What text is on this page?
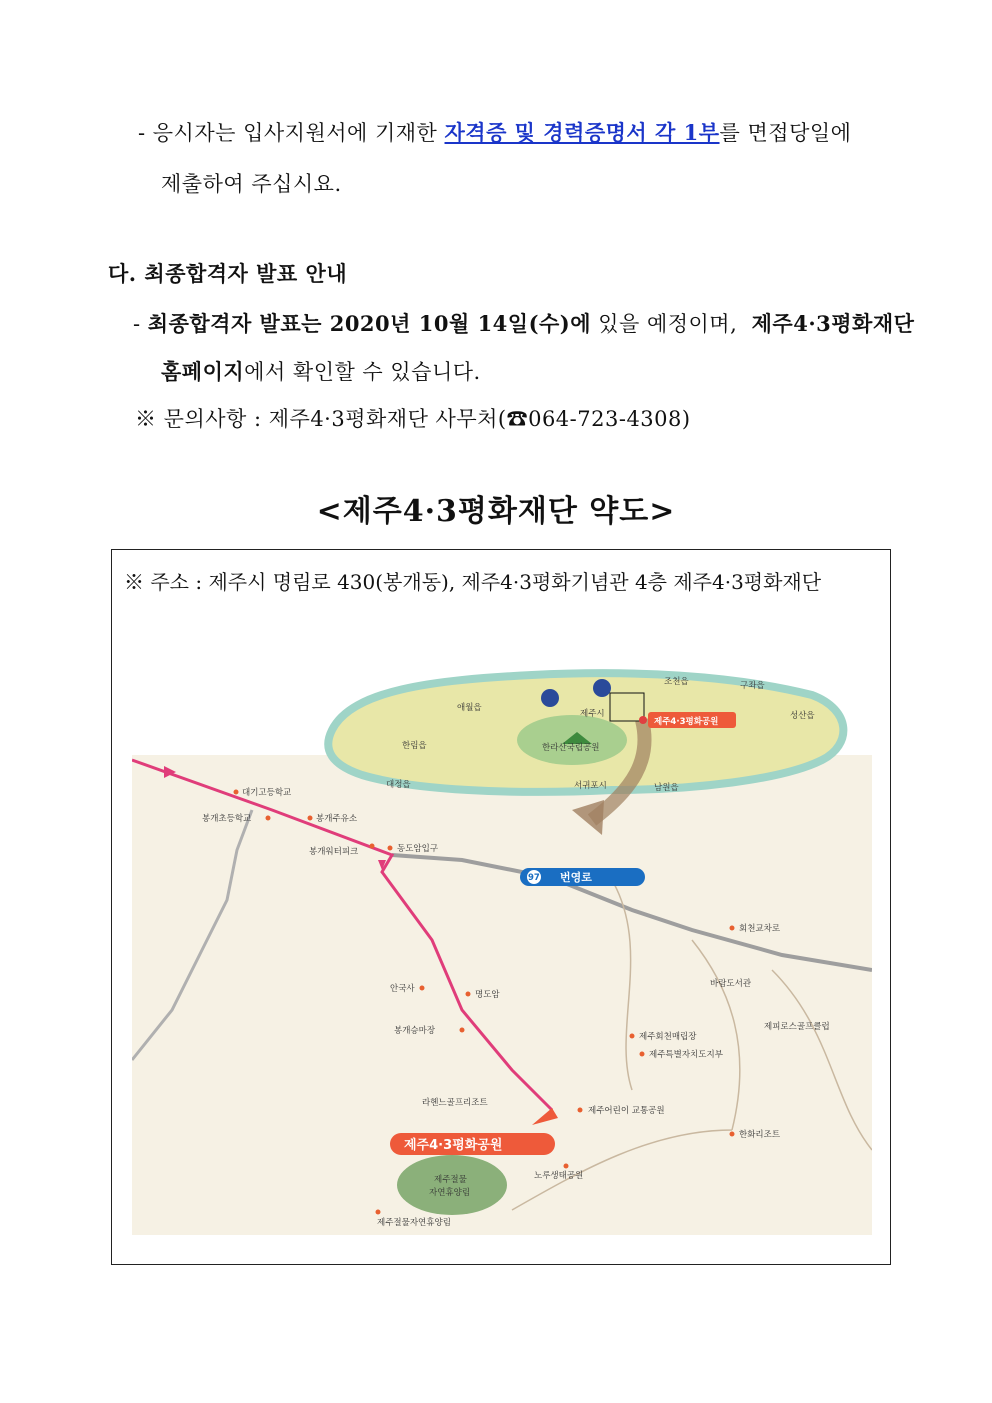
- 응시자는 입사지원서에 기재한 자격증 및 경력증명서 각 1부를 면접당일에
제출하여 주십시요.
다. 최종합격자 발표 안내
- 최종합격자 발표는 2020년 10월 14일(수)에 있을 예정이며,  제주4·3평화재단
홈페이지에서 확인할 수 있습니다.
※ 문의사항 : 제주4·3평화재단 사무처(☎064-723-4308)
<제주4·3평화재단 약도>
※ 주소 : 제주시 명림로 430(봉개동), 제주4·3평화기념관 4층 제주4·3평화재단
제주절물
자연휴양림
제주4·3평화공원
조천읍	구좌읍
애월읍
제주시	성산읍
한림읍	한라산국립공원
대정읍	서귀포시	남원읍
97 번영로
대기고등학교
봉개초등학교	봉개주유소
봉개워터피크	동도암입구
회천교차로
안국사
명도암
바람도서관
봉개승마장	제피로스골프클럽
제주회천매립장
제주특별자치도지부
라헨느골프리조트
제주어린이 교통공원
한화리조트
노루생태공원
제주절물자연휴양림
제주4·3평화공원
